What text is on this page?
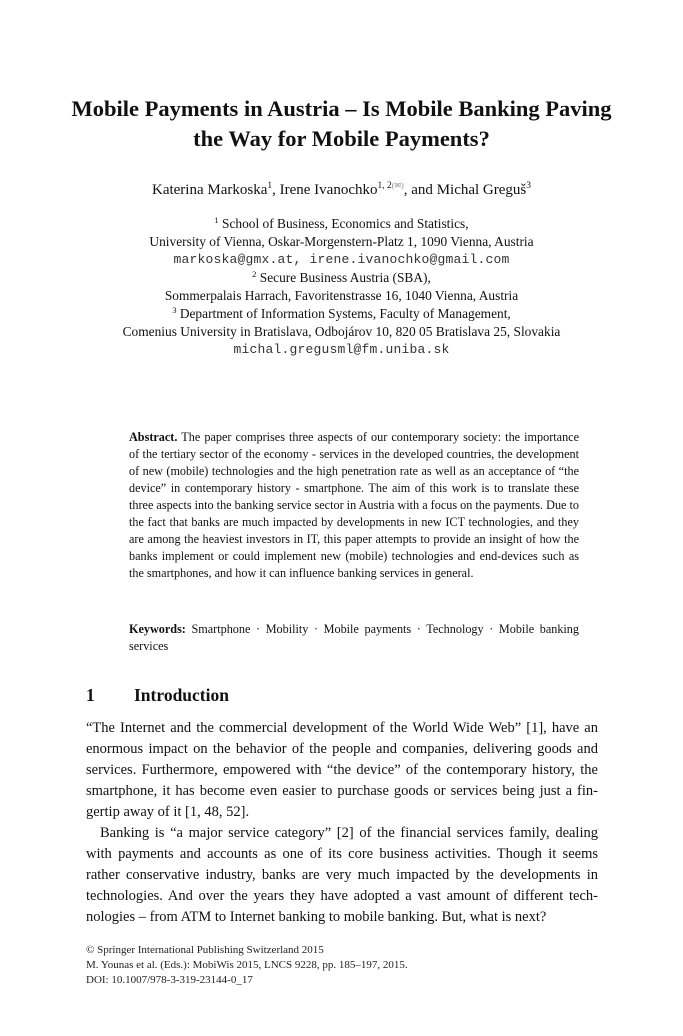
Mobile Payments in Austria – Is Mobile Banking Paving
the Way for Mobile Payments?
Katerina Markoska$^1$, Irene Ivanochko$^{1, 2(✉)}$, and Michal Greguš$^3$
$^1$ School of Business, Economics and Statistics,
University of Vienna, Oskar-Morgenstern-Platz 1, 1090 Vienna, Austria
markoska@gmx.at, irene.ivanochko@gmail.com
$^2$ Secure Business Austria (SBA),
Sommerpalais Harrach, Favoritenstrasse 16, 1040 Vienna, Austria
$^3$ Department of Information Systems, Faculty of Management,
Comenius University in Bratislava, Odbojárov 10, 820 05 Bratislava 25, Slovakia
michal.gregusml@fm.uniba.sk
Abstract. The paper comprises three aspects of our contemporary society: the importance of the tertiary sector of the economy - services in the developed countries, the development of new (mobile) technologies and the high penetration rate as well as an acceptance of “the device” in contemporary history - smartphone. The aim of this work is to translate these three aspects into the banking service sector in Austria with a focus on the payments. Due to the fact that banks are much impacted by developments in new ICT technologies, and they are among the heaviest investors in IT, this paper attempts to provide an insight of how the banks implement or could implement new (mobile) technologies and end-devices such as the smartphones, and how it can influence banking services in general.
Keywords: Smartphone · Mobility · Mobile payments · Technology · Mobile banking services
1 Introduction

“The Internet and the commercial development of the World Wide Web” [1], have an enormous impact on the behavior of the people and companies, delivering goods and services. Furthermore, empowered with “the device” of the contemporary history, the smartphone, it has become even easier to purchase goods or services being just a fingertip away of it [1, 48, 52].

Banking is “a major service category” [2] of the financial services family, dealing with payments and accounts as one of its core business activities. Though it seems rather conservative industry, banks are very much impacted by the developments in technologies. And over the years they have adopted a vast amount of different technologies – from ATM to Internet banking to mobile banking. But, what is next?

© Springer International Publishing Switzerland 2015
M. Younas et al. (Eds.): MobiWis 2015, LNCS 9228, pp. 185–197, 2015.
DOI: 10.1007/978-3-319-23144-0_17
